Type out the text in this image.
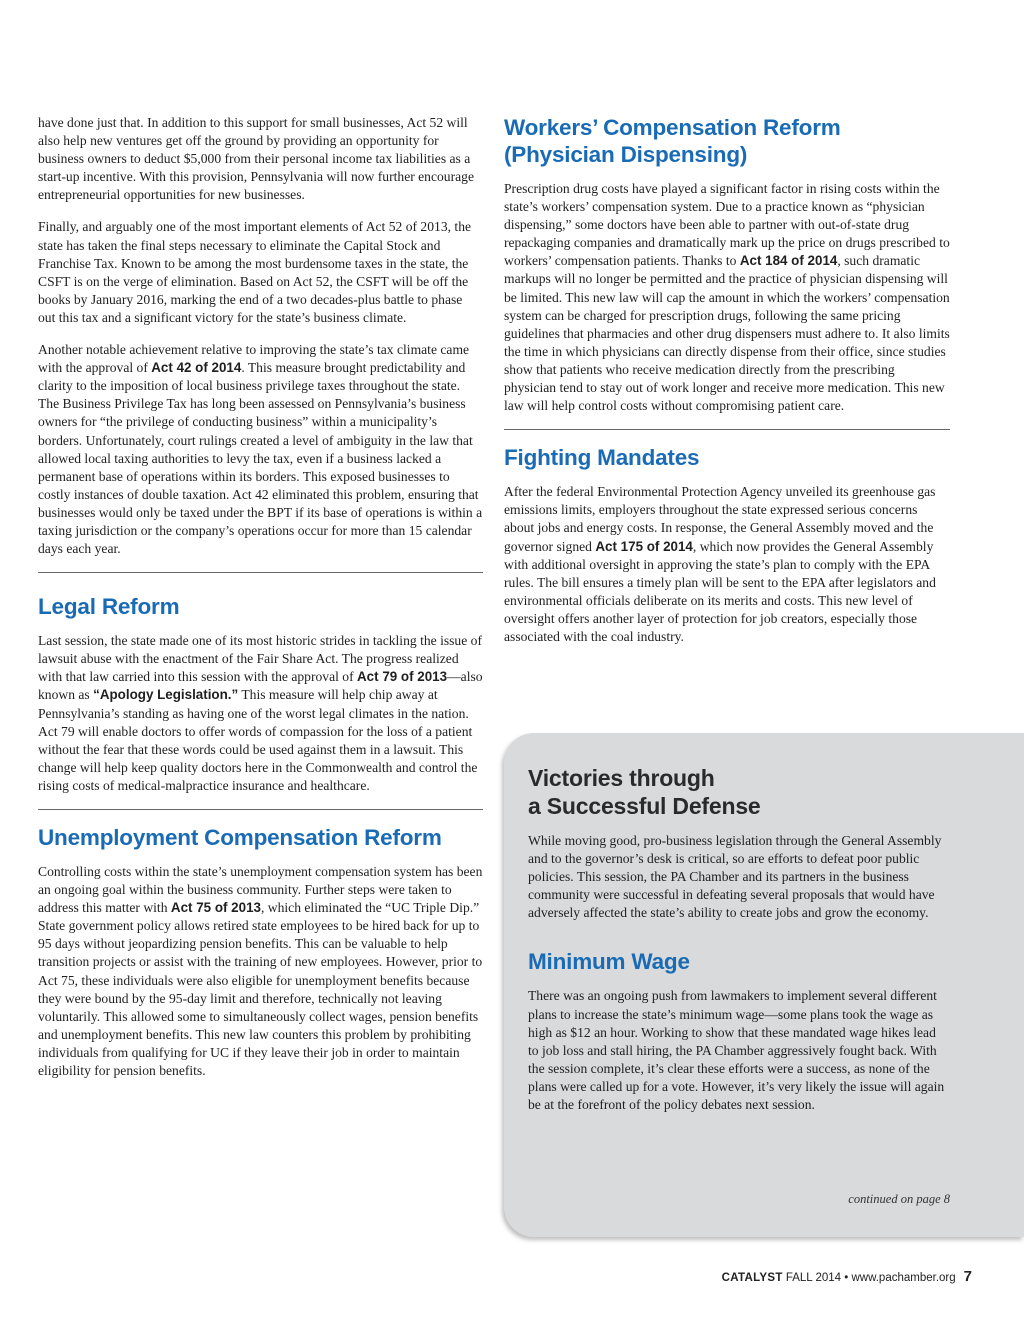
have done just that. In addition to this support for small businesses, Act 52 will also help new ventures get off the ground by providing an opportunity for business owners to deduct $5,000 from their personal income tax liabilities as a start-up incentive. With this provision, Pennsylvania will now further encourage entrepreneurial opportunities for new businesses.

Finally, and arguably one of the most important elements of Act 52 of 2013, the state has taken the final steps necessary to eliminate the Capital Stock and Franchise Tax. Known to be among the most burdensome taxes in the state, the CSFT is on the verge of elimination. Based on Act 52, the CSFT will be off the books by January 2016, marking the end of a two decades-plus battle to phase out this tax and a significant victory for the state’s business climate.

Another notable achievement relative to improving the state’s tax climate came with the approval of Act 42 of 2014. This measure brought predictability and clarity to the imposition of local business privilege taxes throughout the state. The Business Privilege Tax has long been assessed on Pennsylvania’s business owners for “the privilege of conducting business” within a municipality’s borders. Unfortunately, court rulings created a level of ambiguity in the law that allowed local taxing authorities to levy the tax, even if a business lacked a permanent base of operations within its borders. This exposed businesses to costly instances of double taxation. Act 42 eliminated this problem, ensuring that businesses would only be taxed under the BPT if its base of operations is within a taxing jurisdiction or the company’s operations occur for more than 15 calendar days each year.

Legal Reform

Last session, the state made one of its most historic strides in tackling the issue of lawsuit abuse with the enactment of the Fair Share Act. The progress realized with that law carried into this session with the approval of Act 79 of 2013—also known as “Apology Legislation.” This measure will help chip away at Pennsylvania’s standing as having one of the worst legal climates in the nation. Act 79 will enable doctors to offer words of compassion for the loss of a patient without the fear that these words could be used against them in a lawsuit. This change will help keep quality doctors here in the Commonwealth and control the rising costs of medical-malpractice insurance and healthcare.

Unemployment Compensation Reform

Controlling costs within the state’s unemployment compensation system has been an ongoing goal within the business community. Further steps were taken to address this matter with Act 75 of 2013, which eliminated the “UC Triple Dip.” State government policy allows retired state employees to be hired back for up to 95 days without jeopardizing pension benefits. This can be valuable to help transition projects or assist with the training of new employees. However, prior to Act 75, these individuals were also eligible for unemployment benefits because they were bound by the 95-day limit and therefore, technically not leaving voluntarily. This allowed some to simultaneously collect wages, pension benefits and unemployment benefits. This new law counters this problem by prohibiting individuals from qualifying for UC if they leave their job in order to maintain eligibility for pension benefits.

Workers’ Compensation Reform (Physician Dispensing)

Prescription drug costs have played a significant factor in rising costs within the state’s workers’ compensation system. Due to a practice known as “physician dispensing,” some doctors have been able to partner with out-of-state drug repackaging companies and dramatically mark up the price on drugs prescribed to workers’ compensation patients. Thanks to Act 184 of 2014, such dramatic markups will no longer be permitted and the practice of physician dispensing will be limited. This new law will cap the amount in which the workers’ compensation system can be charged for prescription drugs, following the same pricing guidelines that pharmacies and other drug dispensers must adhere to. It also limits the time in which physicians can directly dispense from their office, since studies show that patients who receive medication directly from the prescribing physician tend to stay out of work longer and receive more medication. This new law will help control costs without compromising patient care.

Fighting Mandates

After the federal Environmental Protection Agency unveiled its greenhouse gas emissions limits, employers throughout the state expressed serious concerns about jobs and energy costs. In response, the General Assembly moved and the governor signed Act 175 of 2014, which now provides the General Assembly with additional oversight in approving the state’s plan to comply with the EPA rules. The bill ensures a timely plan will be sent to the EPA after legislators and environmental officials deliberate on its merits and costs. This new level of oversight offers another layer of protection for job creators, especially those associated with the coal industry.

Victories through
a Successful Defense

While moving good, pro-business legislation through the General Assembly and to the governor’s desk is critical, so are efforts to defeat poor public policies. This session, the PA Chamber and its partners in the business community were successful in defeating several proposals that would have adversely affected the state’s ability to create jobs and grow the economy.

Minimum Wage

There was an ongoing push from lawmakers to implement several different plans to increase the state’s minimum wage—some plans took the wage as high as $12 an hour. Working to show that these mandated wage hikes lead to job loss and stall hiring, the PA Chamber aggressively fought back. With the session complete, it’s clear these efforts were a success, as none of the plans were called up for a vote. However, it’s very likely the issue will again be at the forefront of the policy debates next session.

continued on page 8
CATALYST FALL 2014 • www.pachamber.org 7
